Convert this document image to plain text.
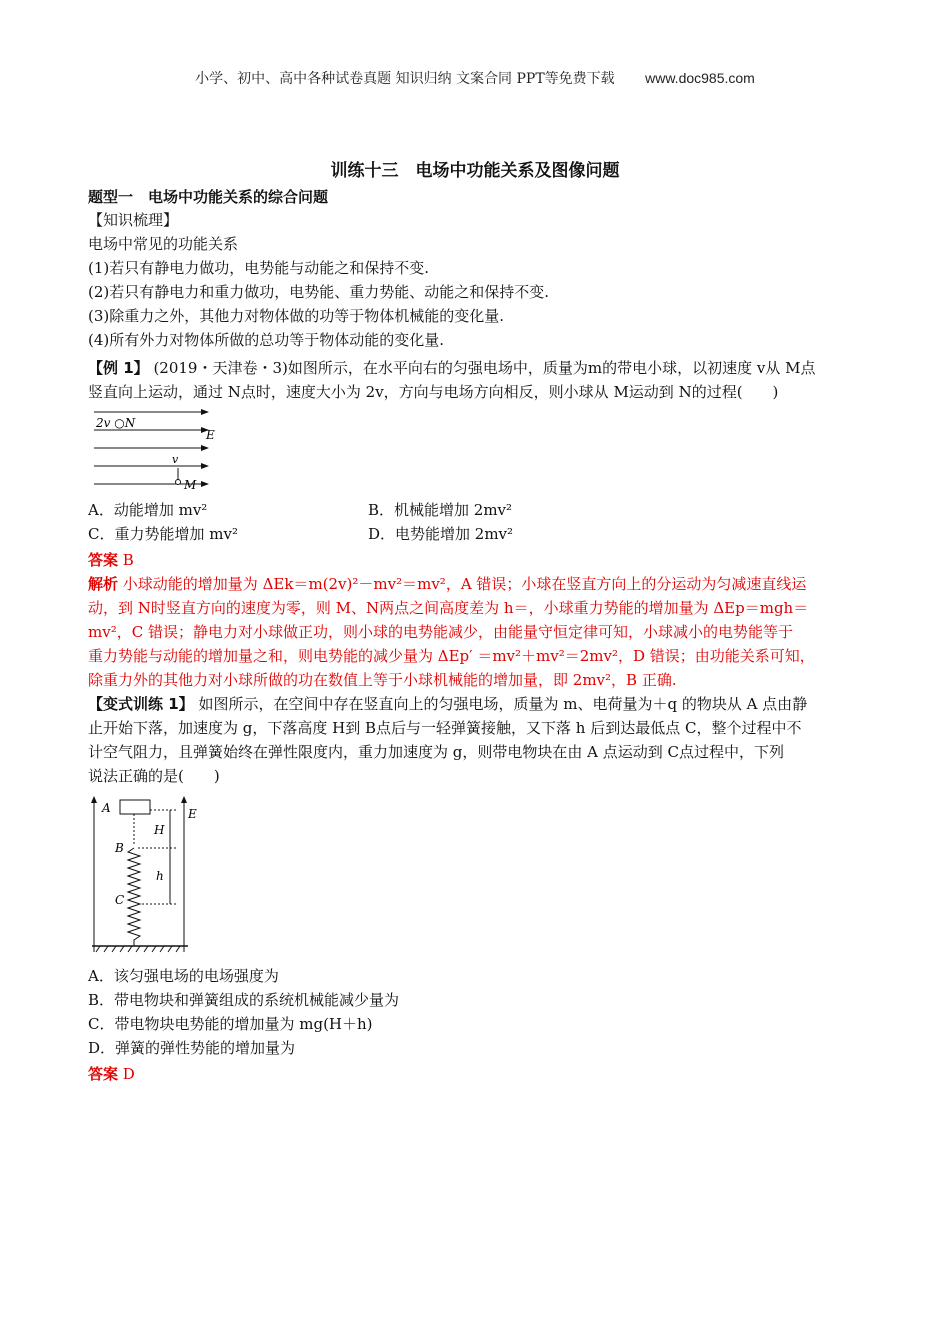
小学、初中、高中各种试卷真题 知识归纳 文案合同 PPT等免费下载 www.doc985.com
训练十三　电场中功能关系及图像问题
题型一　电场中功能关系的综合问题

【知识梳理】

电场中常见的功能关系

(1)若只有静电力做功，电势能与动能之和保持不变.

(2)若只有静电力和重力做功，电势能、重力势能、动能之和保持不变.

(3)除重力之外，其他力对物体做的功等于物体机械能的变化量.

(4)所有外力对物体所做的总功等于物体动能的变化量.

【例 1】 (2019・天津卷・3)如图所示，在水平向右的匀强电场中，质量为m的带电小球，以初速度 v从 M点

竖直向上运动，通过 N点时，速度大小为 2v，方向与电场方向相反，则小球从 M运动到 N的过程(　　)

2v ○N
E
v
M
A．动能增加 mv²	B．机械能增加 2mv²
C．重力势能增加 mv²	D．电势能增加 2mv²

答案 B

解析 小球动能的增加量为 ΔEk＝m(2v)²－mv²＝mv²，A 错误；小球在竖直方向上的分运动为匀减速直线运

动，到 N时竖直方向的速度为零，则 M、N两点之间高度差为 h＝，小球重力势能的增加量为 ΔEp＝mgh＝

mv²，C 错误；静电力对小球做正功，则小球的电势能减少，由能量守恒定律可知，小球减小的电势能等于

重力势能与动能的增加量之和，则电势能的减少量为 ΔEp′ ＝mv²＋mv²＝2mv²，D 错误；由功能关系可知，

除重力外的其他力对小球所做的功在数值上等于小球机械能的增加量，即 2mv²，B 正确.

【变式训练 1】 如图所示，在空间中存在竖直向上的匀强电场，质量为 m、电荷量为＋q 的物块从 A 点由静

止开始下落，加速度为 g，下落高度 H到 B点后与一轻弹簧接触，又下落 h 后到达最低点 C，整个过程中不

计空气阻力，且弹簧始终在弹性限度内，重力加速度为 g，则带电物块在由 A 点运动到 C点过程中，下列

说法正确的是(　　)

A	E
B
H
h
C

A．该匀强电场的电场强度为

B．带电物块和弹簧组成的系统机械能减少量为

C．带电物块电势能的增加量为 mg(H＋h)

D．弹簧的弹性势能的增加量为

答案 D
